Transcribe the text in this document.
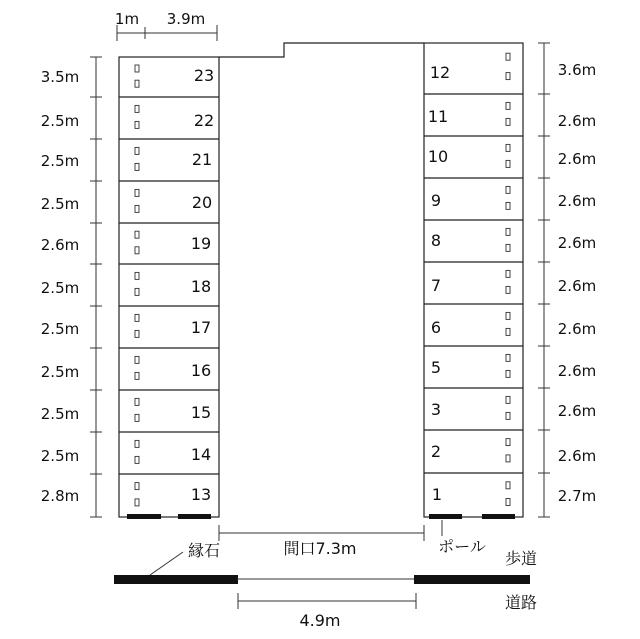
1m 3.9m
23
22
21
20
19
18
17
16
15
14
13
12
11
10
9
8
7
6
5
3
2
1
3.5m
2.5m
2.5m
2.5m
2.6m
2.5m
2.5m
2.5m
2.5m
2.5m
2.8m
3.6m
2.6m
2.6m
2.6m
2.6m
2.6m
2.6m
2.6m
2.6m
2.6m
2.7m
間口7.3m	ポール
縁石	歩道
道路
4.9m
